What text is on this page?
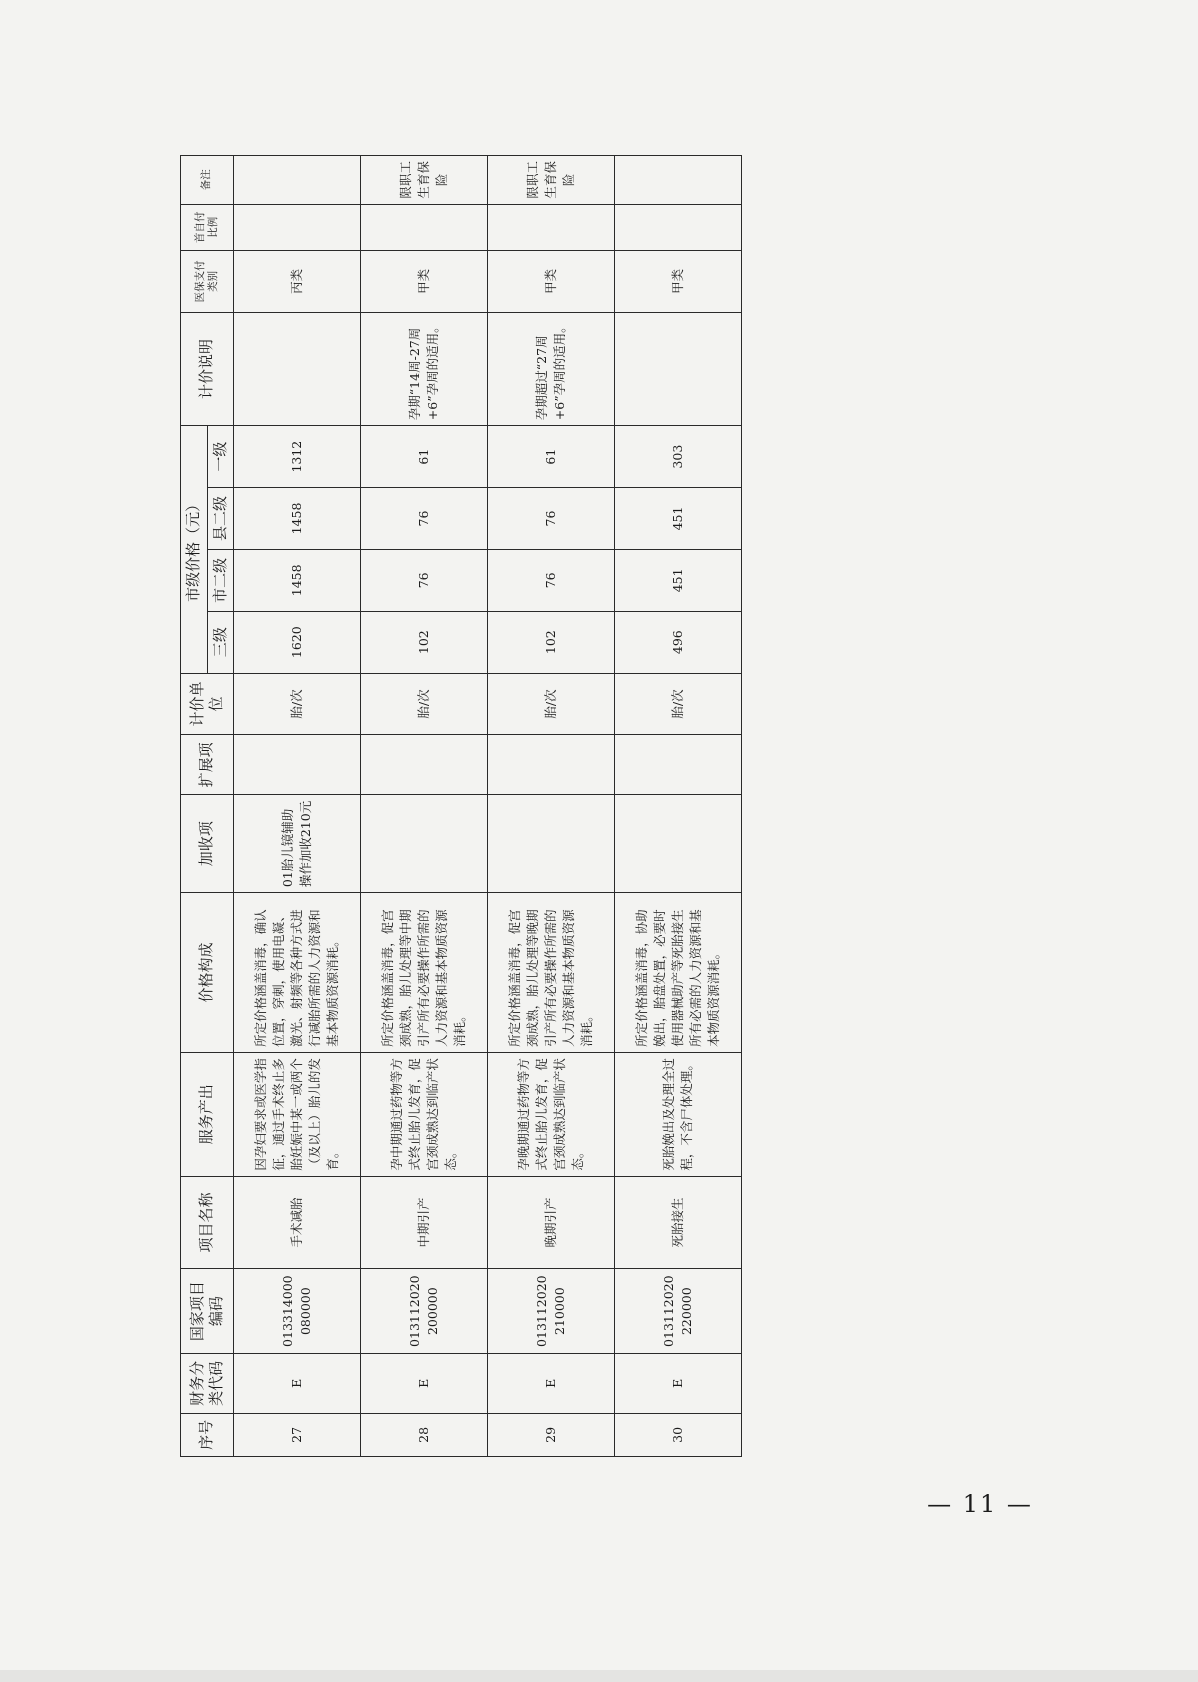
序号	财务分类代码	国家项目编码	项目名称	服务产出	价格构成	加收项	扩展项	计价单位	市级价格（元）				计价说明	医保支付类别	首自付比例	备注
									三级	市二级	县二级	一级				
27	E	013314000080000	手术减胎	因孕妇要求或医学指征，通过手术终止多胎妊娠中某一或两个（及以上）胎儿的发育。	所定价格涵盖消毒，确认位置，穿刺，使用电凝、激光、射频等各种方式进行减胎所需的人力资源和基本物质资源消耗。	01胎儿镜辅助操作加收210元		胎/次	1620	1458	1458	1312		丙类		
28	E	013112020200000	中期引产	孕中期通过药物等方式终止胎儿发育，促宫颈成熟达到临产状态。	所定价格涵盖消毒，促宫颈成熟，胎儿处理等中期引产所有必要操作所需的人力资源和基本物质资源消耗。			胎/次	102	76	76	61	孕期“14周-27周+6”孕周的适用。	甲类		限职工生育保险
29	E	013112020210000	晚期引产	孕晚期通过药物等方式终止胎儿发育，促宫颈成熟达到临产状态。	所定价格涵盖消毒，促宫颈成熟，胎儿处理等晚期引产所有必要操作所需的人力资源和基本物质资源消耗。			胎/次	102	76	76	61	孕期超过“27周+6”孕周的适用。	甲类		限职工生育保险
30	E	013112020220000	死胎接生	死胎娩出及处理全过程，不含尸体处理。	所定价格涵盖消毒，协助娩出，胎盘处置，必要时使用器械助产等死胎接生所有必需的人力资源和基本物质资源消耗。			胎/次	496	451	451	303		甲类		
— 11 —
